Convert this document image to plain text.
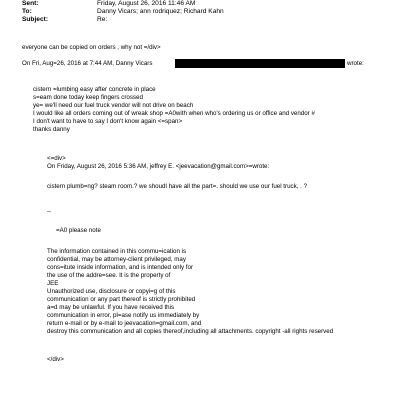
Sent:	Friday, August 26, 2016 11:46 AM
To:	Danny Vicars; ann rodriquez; Richard Kahn
Subject:	Re:
everyone can be copied on orders , why not =/div>
On Fri, Aug=26, 2016 at 7:44 AM, Danny Vicars	wrote:
cistern =lumbing easy after concrete in place
s=eam done today keep fingers crossed
ye= we'll need our fuel truck vendor will not drive on beach
I would like all orders coming out of wreak shop =A0with when who's ordering us or office and vendor #
I don't want to have to say I don't know again <=span>
thanks danny
<=div>
On Friday, August 26, 2016 5:36 AM, jeffrey E. <jeevacation@gmail.com>=wrote:
cistern plumb=ng? steam room.? we shoudl have all the part=. should we use our fuel truck, . ?
--
=A0 please note
The information contained in this commu=ication is
confidential, may be attorney-client privileged, may
cons=itute inside information, and is intended only for
the use of the addre=see. It is the property of
JEE
Unauthorized use, disclosure or copyi=g of this
communication or any part thereof is strictly prohibited
a=d may be unlawful. If you have received this
communication in error, pl=ase notify us immediately by
return e-mail or by e-mail to jeevacation=gmail.com, and
destroy this communication and all copies thereof,including all attachments. copyright -all rights reserved
</div>
